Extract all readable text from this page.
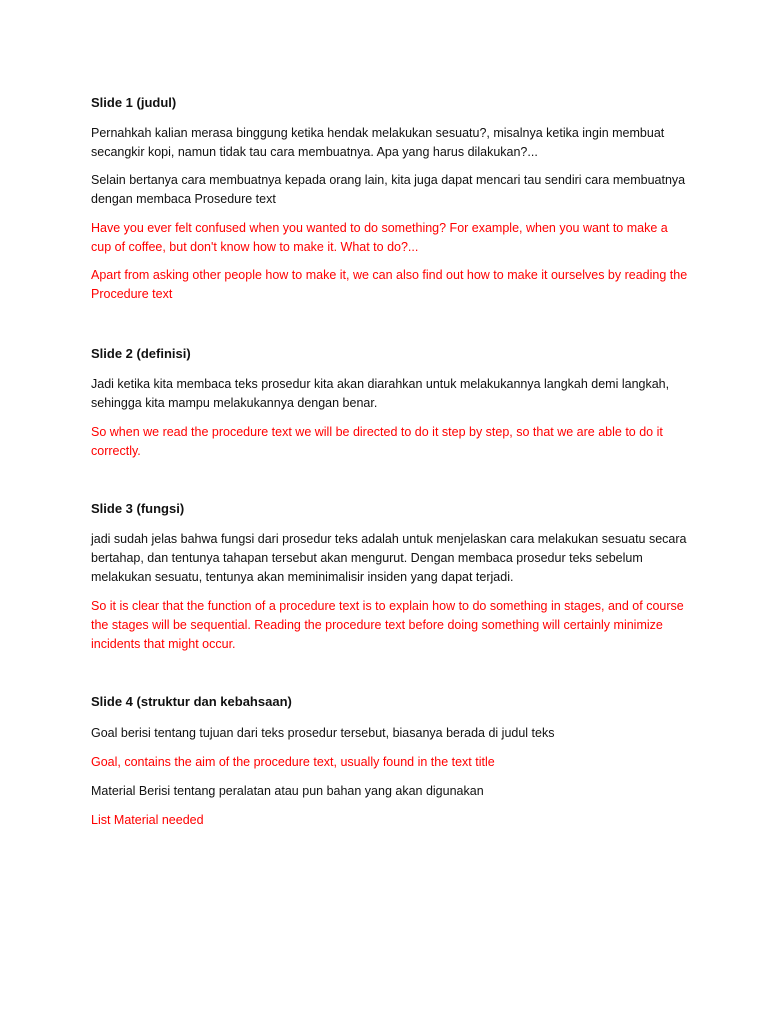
Slide 1 (judul)

Pernahkah kalian merasa binggung ketika hendak melakukan sesuatu?, misalnya ketika ingin membuat secangkir kopi, namun tidak tau cara membuatnya. Apa yang harus dilakukan?...

Selain bertanya cara membuatnya kepada orang lain, kita juga dapat mencari tau sendiri cara membuatnya dengan membaca Prosedure text

Have you ever felt confused when you wanted to do something? For example, when you want to make a cup of coffee, but don't know how to make it. What to do?...

Apart from asking other people how to make it, we can also find out how to make it ourselves by reading the Procedure text

Slide 2 (definisi)

Jadi ketika kita membaca teks prosedur kita akan diarahkan untuk melakukannya langkah demi langkah, sehingga kita mampu melakukannya dengan benar.

So when we read the procedure text we will be directed to do it step by step, so that we are able to do it correctly.

Slide 3 (fungsi)

jadi sudah jelas bahwa fungsi dari prosedur teks adalah untuk menjelaskan cara melakukan sesuatu secara bertahap, dan tentunya tahapan tersebut akan mengurut. Dengan membaca prosedur teks sebelum melakukan sesuatu, tentunya akan meminimalisir insiden yang dapat terjadi.

So it is clear that the function of a procedure text is to explain how to do something in stages, and of course the stages will be sequential. Reading the procedure text before doing something will certainly minimize incidents that might occur.

Slide 4 (struktur dan kebahsaan)

Goal berisi tentang tujuan dari teks prosedur tersebut, biasanya berada di judul teks

Goal, contains the aim of the procedure text, usually found in the text title

Material Berisi tentang peralatan atau pun bahan yang akan digunakan

List Material needed
